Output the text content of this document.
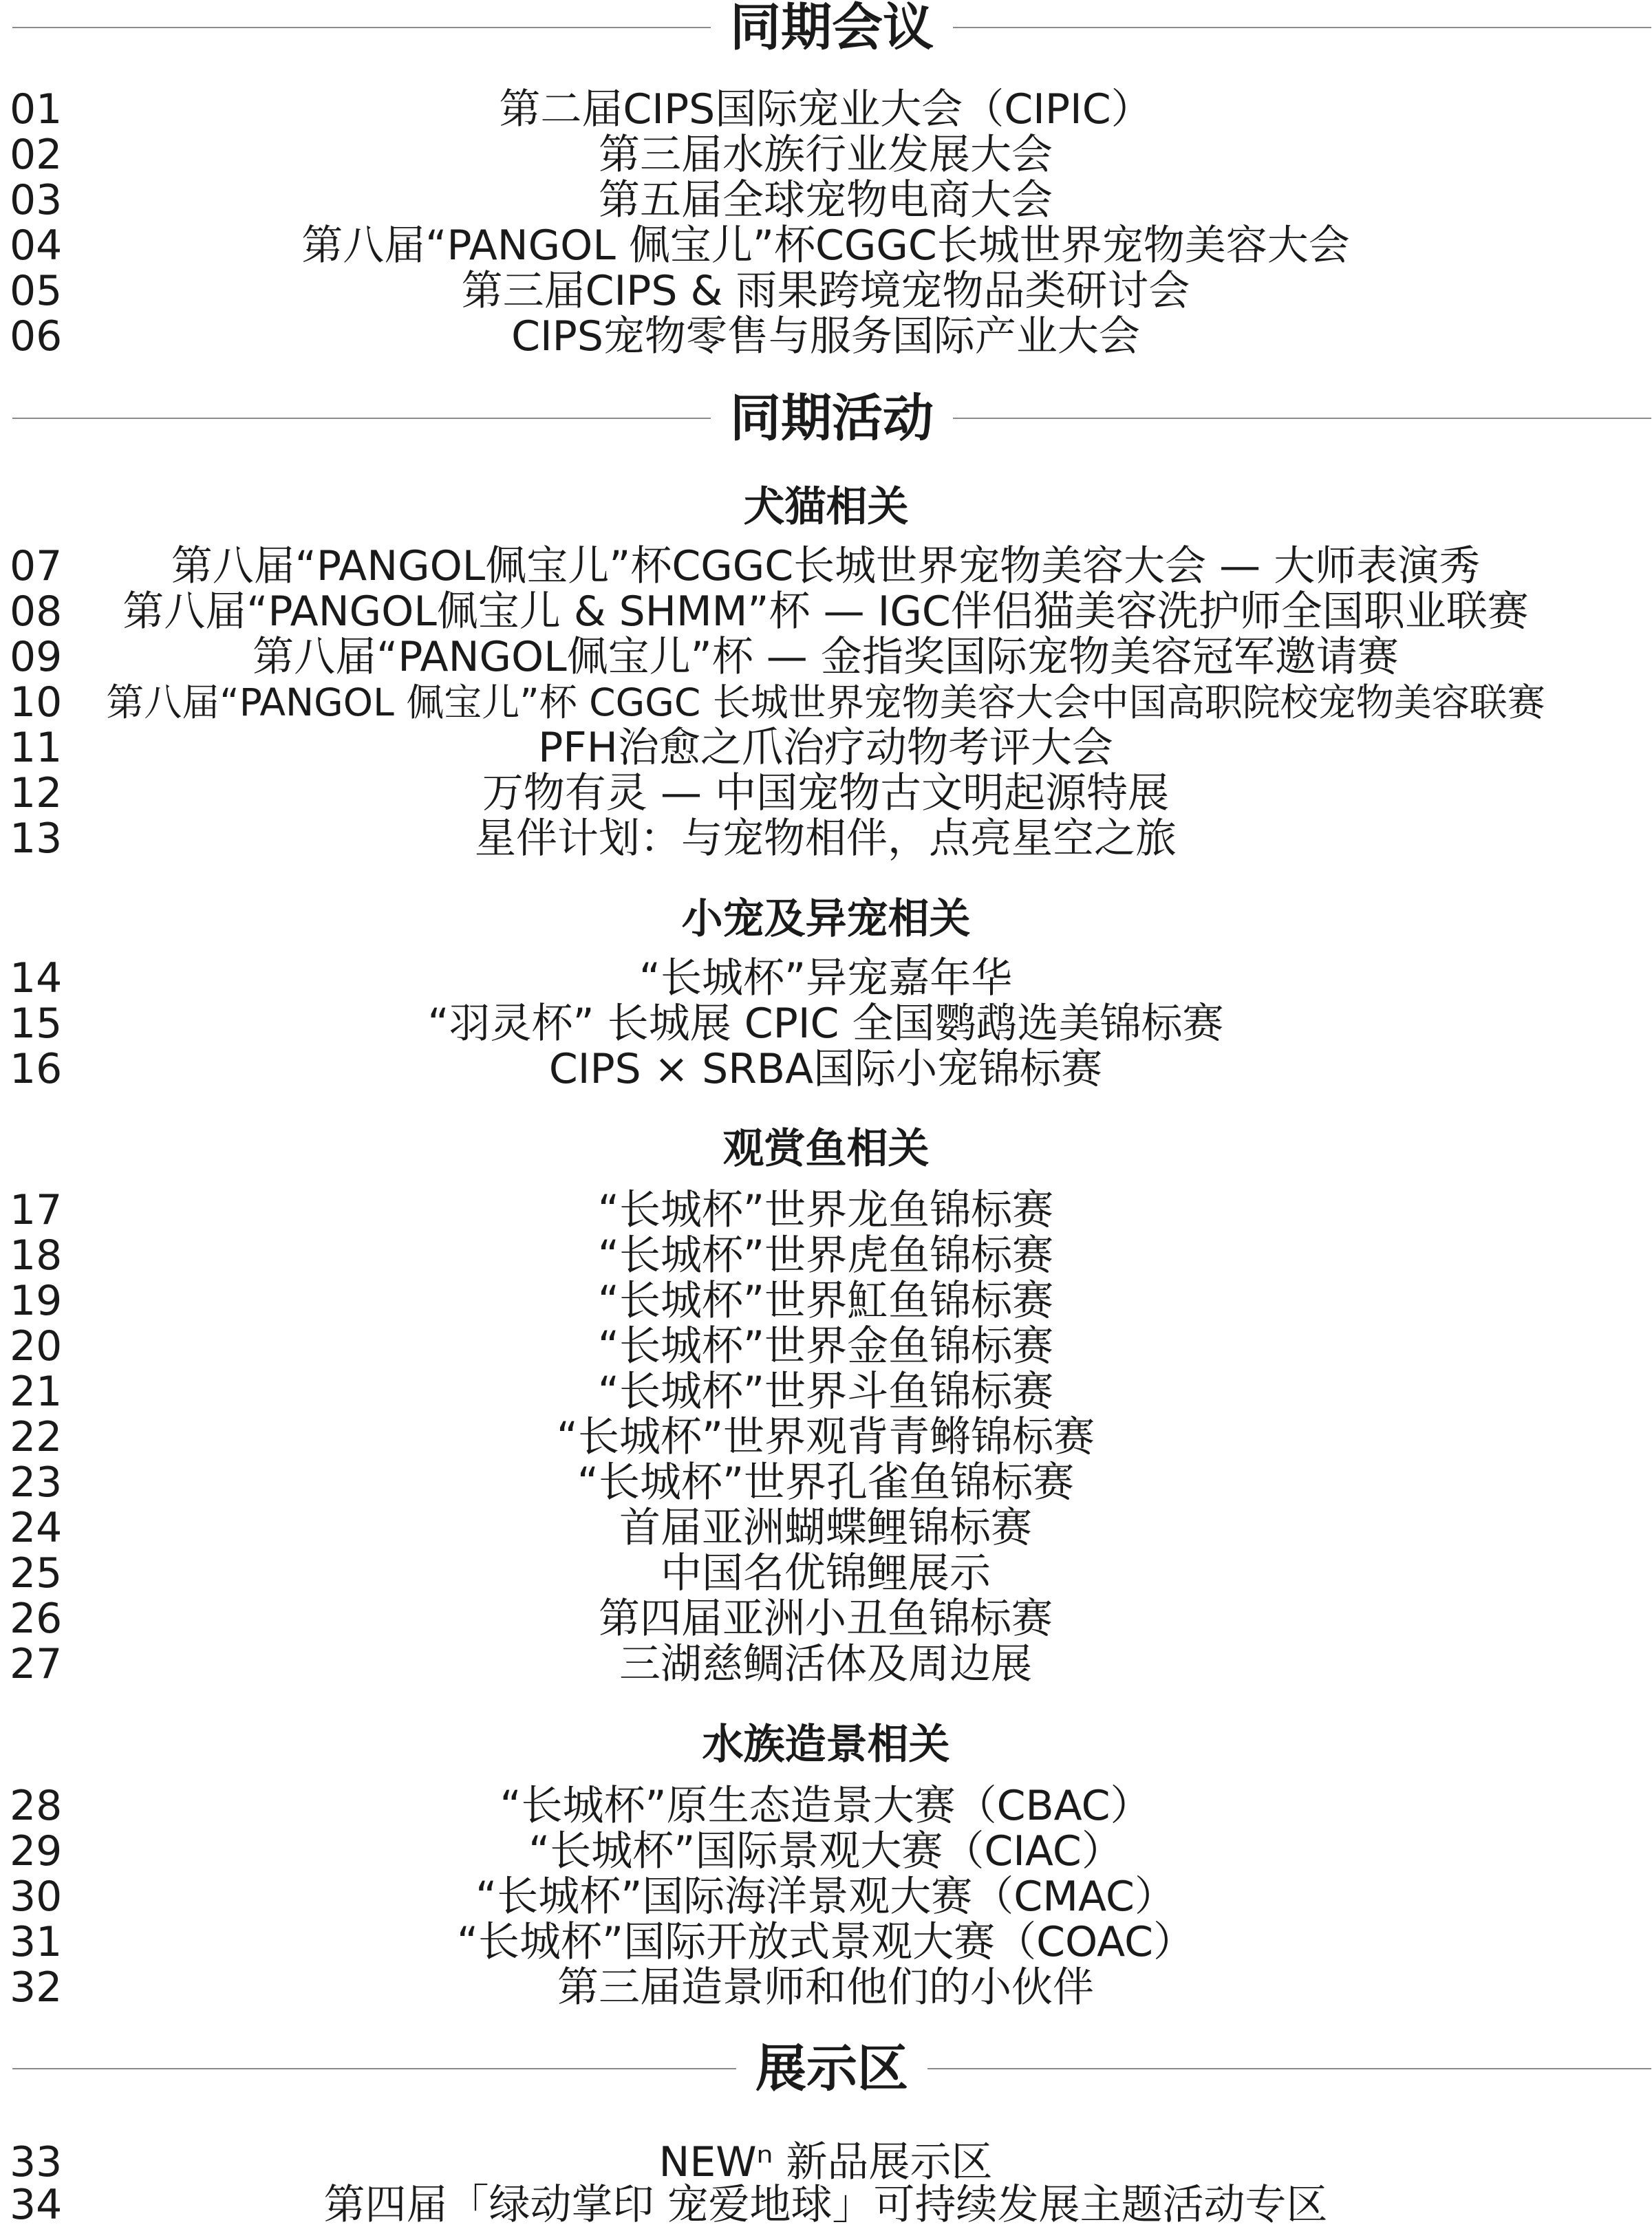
同期会议
01	第二届CIPS国际宠业大会（CIPIC）
02	第三届水族行业发展大会
03	第五届全球宠物电商大会
04	第八届“PANGOL 佩宝儿”杯CGGC长城世界宠物美容大会
05	第三届CIPS & 雨果跨境宠物品类研讨会
06	CIPS宠物零售与服务国际产业大会
同期活动
犬猫相关
07	第八届“PANGOL佩宝儿”杯CGGC长城世界宠物美容大会 — 大师表演秀
08	第八届“PANGOL佩宝儿 & SHMM”杯 — IGC伴侣猫美容洗护师全国职业联赛
09	第八届“PANGOL佩宝儿”杯 — 金指奖国际宠物美容冠军邀请赛
10	第八届“PANGOL 佩宝儿”杯 CGGC 长城世界宠物美容大会中国高职院校宠物美容联赛
11	PFH治愈之爪治疗动物考评大会
12	万物有灵 — 中国宠物古文明起源特展
13	星伴计划：与宠物相伴，点亮星空之旅
小宠及异宠相关
14	“长城杯”异宠嘉年华
15	“羽灵杯” 长城展 CPIC 全国鹦鹉选美锦标赛
16	CIPS × SRBA国际小宠锦标赛
观赏鱼相关
17	“长城杯”世界龙鱼锦标赛
18	“长城杯”世界虎鱼锦标赛
19	“长城杯”世界魟鱼锦标赛
20	“长城杯”世界金鱼锦标赛
21	“长城杯”世界斗鱼锦标赛
22	“长城杯”世界观背青鳉锦标赛
23	“长城杯”世界孔雀鱼锦标赛
24	首届亚洲蝴蝶鲤锦标赛
25	中国名优锦鲤展示
26	第四届亚洲小丑鱼锦标赛
27	三湖慈鲷活体及周边展
水族造景相关
28	“长城杯”原生态造景大赛（CBAC）
29	“长城杯”国际景观大赛（CIAC）
30	“长城杯”国际海洋景观大赛（CMAC）
31	“长城杯”国际开放式景观大赛（COAC）
32	第三届造景师和他们的小伙伴
展示区
33	NEWⁿ 新品展示区
34	第四届「绿动掌印 宠爱地球」可持续发展主题活动专区
